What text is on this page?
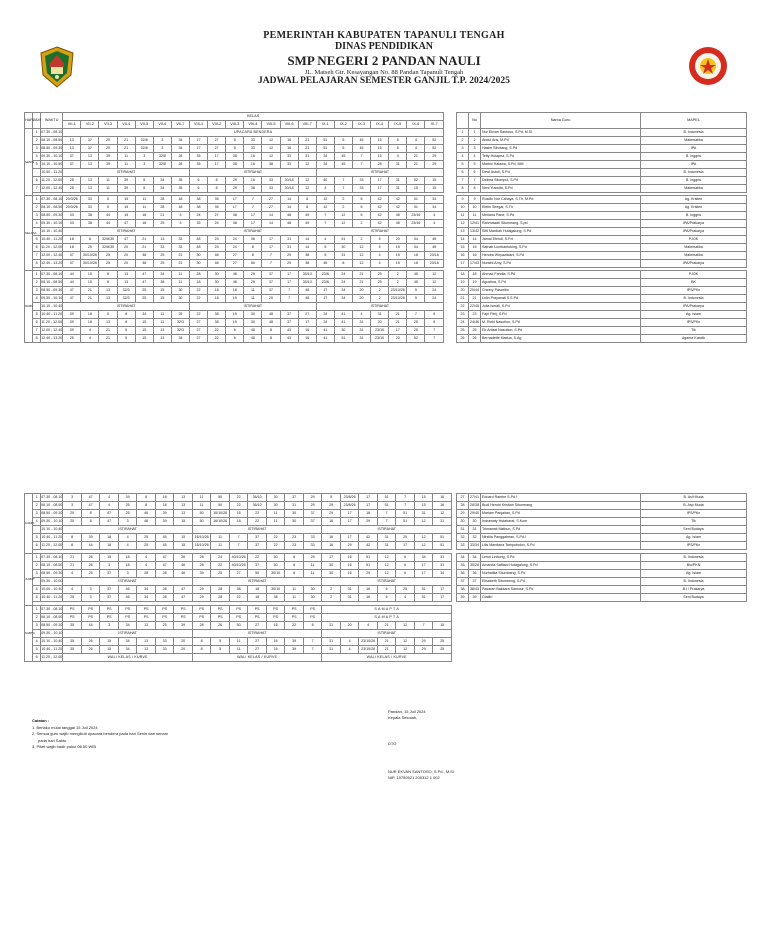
PEMERINTAH KABUPATEN TAPANULI TENGAH
DINAS PENDIDIKAN
SMP NEGERI 2 PANDAN NAULI
JL. Matseh Gtr. Kesayangan No. 88 Pandan Tapanuli Tengah
JADWAL PELAJARAN SEMESTER GANJIL T.P. 2024/2025
HARI	JAM	WAKTU	KELAS																				
			VII-1	VII-2	VII-3	VII-4	VII-5	VII-6	VII-7	VIII-1	VIII-2	VIII-3	VIII-4	VIII-5	VIII-6	VIII-7	IX-1	IX-2	IX-3	IX-4	IX-5	IX-6	IX-7
SENIN	1	07.30 - 08.10	UPACARA BENDERA																				
	2	08.10 - 08.50	13	37	20	21	32/8	3	34	17	27	8	33	12	16	21	51	6	45	15	5	4	52
	3	08.50 - 09.30	13	37	20	21	32/8	3	34	17	27	8	33	12	16	21	51	6	45	15	5	4	52
	4	09.30 - 10.10	37	13	39	11	3	32/8	28	35	17	38	16	12	33	31	34	45	7	15	4	21	29
	5	10.10 - 10.50	37	13	39	11	3	32/8	28	35	17	38	16	38	33	12	34	45	7	28	31	21	29
		10.50 - 11.20	ISTIRAHAT							ISTIRAHAT							ISTIRAHAT						
	6	11.20 - 12.00	28	13	11	39	5	34	35	6	8	29	16	33	30/18	12	40	7	33	17	31	52	15
	7	12.00 - 12.40	28	13	11	39	5	34	35	6	8	29	38	33	30/18	12	4	7	33	17	31	15	15

SELASA	1	07.30 - 08.10	20/3/26	33	5	15	11	28	18	38	35	17	7	27	14	8	12	2	6	42	42	31	34
	2	08.10 - 08.50	20/3/26	33	5	15	11	28	18	38	35	17	7	27	14	8	12	2	6	42	42	31	34
	3	08.50 - 09.30	33	38	44	15	18	21	3	24	27	38	17	14	48	49	7	12	6	42	45	23/16	4
	4	09.30 - 10.10	33	38	44	47	18	25	3	35	24	38	17	14	48	49	7	12	2	42	45	23/16	4
		10.10 - 10.40	ISTIRAHAT							ISTIRAHAT							ISTIRAHAT						
	5	10.40 - 11.20	18	8	32/8/30	47	21	13	33	48	23	24	36	17	31	14	4	51	2	5	20	34	45
	6	11.20 - 12.00	18	25	32/8/30	20	21	33	33	48	23	24	8	17	31	14	5	30	12	5	15	34	45
	7	12.00 - 12.40	37	30/10/26	25	20	38	25	21	30	48	27	8	7	29	38	5	31	12	4	15	16	23/16
	8	12.40 - 13.20	37	30/10/26	25	20	38	25	21	30	48	27	50	7	29	38	45	8	12	4	15	16	23/16

RABU	1	07.30 - 08.10	44	15	8	13	47	34	11	28	30	48	29	37	17	30/10	23/8	24	21	25	2	45	12
	2	08.10 - 08.50	44	15	8	13	47	38	11	18	30	48	29	37	17	30/10	23/8	24	21	25	2	45	12
	3	08.50 - 09.30	47	21	13	32/3	25	15	30	22	18	18	11	37	7	48	17	34	20	2	23/10/26	5	24
	4	09.30 - 10.10	47	21	13	32/3	25	15	30	22	18	15	11	20	7	48	17	34	20	2	23/10/26	5	24
		10.10 - 10.40	ISTIRAHAT							ISTIRAHAT							ISTIRAHAT						
	5	10.40 - 11.20	39	18	5	8	34	11	25	22	38	15	30	48	37	27	24	41	4	31	21	7	6
	6	11.20 - 12.00	39	18	13	8	15	11	32/3	27	38	15	30	48	37	17	24	41	31	20	21	25	6
	7	12.00 - 12.40	39	4	21	5	15	13	32/3	27	22	6	48	8	43	16	41	30	31	23/10	17	25	7
	8	12.40 - 13.20	25	4	21	5	15	13	34	27	22	6	48	8	43	16	41	51	31	23/10	20	52	7
	No	Nama Guru	MAPEL
1	1	Nur Ekvan Santoso, S.Pd, M.Si	B. Indonesia
2	2	Abdul Aris, M.Pd	Matematika
3	3	Hasim Sihotang, S.Pd	IPA
4	4	Tetty Hutapea, S.Pd	B. Inggris
5	5	Martini Halawa, S.Pd, MM	IPA
6	6	Dewi Astuti, S.Pd	B. Indonesia
7	7	Delima Sitompul, S.Pd	B. Inggris
8	8	Neni Yuswita, S.Pd	Matematika

9	9	Rusdin Nur Cahaya, S.Th, M.Pd	Ag. Kristen
10	10	Efelin Siregar, S.Th	Ag. Kristen
11	11	Meriana Pane, S.Pd	B. Inggris
12	12/41	Rahmawati Situmeang, S.pd	IPA/Prakarya
13	13/42	Sitti Mardiah Hutagalung, S.Pd	IPA/Prakarya
14	14	Jamal Efendi, S.Pd	PJOK
15	15	Safriati Lumbantobing, S.Pd	Matematika
16	16	Hendra Wiryawidani, S.Pd	Matematika
17	17/43	Nuraini Amy, S.Pd	IPA/Prakarya

18	18	Ahmad Fahdia, S.Pd	PJOK
19	19	Agustina, S.Pd	BK
20	20/44	Cheery Pasaribu	IPS/PKn
21	21	Lolin Prayanati S.S.Pd	B. Indonesia
22	22/45	Julia Ismail, S.Pd	IPA/Prakarya
23	23	Fajri Fitrij, S.Pd	Ag. Islam
24	24/46	M. Rizki Nasution, S.Pd	IPS/PKn
25	25	Eir Artisel Nasution, S.Pd	Tik
26	26	Bernadette Mattua, S.Ag	Agama Katolik
KAMIS	1	07.30 - 08.10	3	47	4	39	8	18	13	11	50	22	36/10	30	37	29	5	23/8/26	17	51	7	15	16
	2	08.10 - 08.50	3	47	4	25	8	18	13	11	50	22	36/10	30	31	29	29	23/8/26	17	51	7	15	16
	3	08.50 - 09.30	20	8	47	25	46	39	13	50	16/10/26	18	22	11	30	37	29	17	16	7	51	31	12
	4	09.30 - 10.10	20	8	47	3	46	39	15	50	16/10/26	18	22	11	30	37	16	17	29	7	51	12	31
		10.10 - 10.40	ISTIRAHAT							ISTIRAHAT							ISTIRAHAT						
	5	10.40 - 11.20	8	39	18	4	25	45	15	16/10/26	11	7	37	22	23	33	16	17	42	31	25	12	51
	6	11.20 - 12.00	8	44	18	4	25	45	15	16/10/26	11	7	37	22	23	33	16	29	42	31	17	12	51

JUMAT	1	07.30 - 08.10	21	26	15	18	4	47	26	28	24	40/10/26	22	50	8	29	17	16	51	12	6	34	31
	2	08.10 - 08.50	21	26	3	18	4	47	46	28	22	40/10/26	37	50	8	11	30	16	51	12	6	17	31
	3	08.50 - 09.30	4	25	37	3	28	28	46	39	25	27	50	30/10	8	11	30	16	29	12	6	17	34
		09.30 - 10.00	ISTIRAHAT							ISTIRAHAT							ISTIRAHAT						
	4	10.00 - 10.40	4	3	37	46	34	28	47	29	28	38	18	30/10	11	30	2	31	16	6	25	51	17
	5	10.40 - 11.20	25	3	37	46	34	28	47	29	28	22	18	38	11	30	2	31	16	6	4	51	17

SABTU	1	07.30 - 08.10	PS	PS	PS	PS	PS	PS	PS	PS	PS	PS	PS	PS	PS	PS	S A M A P T A						
	2	08.10 - 08.50	PS	PS	PS	PS	PS	PS	PS	PS	PS	PS	PS	PS	PS	PS	S A M A P T A						
	3	08.50 - 09.30	35	44	3	34	13	25	39	28	26	50	27	16	22	8	31	20	4	21	12	7	15
		09.30 - 10.10	ISTIRAHAT							ISTIRAHAT							ISTIRAHAT						
	4	10.10 - 10.40	35	26	15	34	13	33	20	8	5	11	27	16	39	7	31	4	23/10/26	21	12	29	25
	5	10.40 - 11.20	35	26	15	34	13	33	20	8	5	11	27	16	39	7	31	4	23/10/26	21	12	29	25
	6	11.20 - 12.00	WALI KELAS / KURVE							WALI KELAS / KURVE							WALI KELAS / KURVE						
27	27/41	Eduard Rambe S.Pd.I	B. Asli Muda
28	28/38	Budi Hendri Kristian Situmeang	B. Asp Muda
29	29/40	Mariam Panjaitan, S.Pd	IPS/PKn
30	30	Indrawaty Hutabarat, S.Kom	Tik
31	31	Trimawati Matbun, S.Pd	Seni Budaya
32	32	Nirsilia Panggabean, S.Pd.I	Ag. Islam
33	33/34	Lilis Mardiana Tampubolon, S.Pd	IPS/PKn

34	34	Lenni Linbong, S.Pd	B. Indonesia
35	35/26	Amanda Saftiani Hutagalung, S.Pd	Bio/PKN
36	36	Nurhatika Situmbeng, S.Pd	Ag. Islam
37	37	Elisabeth Situmbeng, S.Pd	B. Indonesia
38	38/43	Pasaran Bakkara Samosir, S.Pd	B.I / Prakarya
39	39	Giatitri	Seni Budaya
Catatan :
1. Berlaku mulai tanggal 15 Juli 2024
2. Semua guru wajib mengikuti upacara bendera pada hari Senin dan senam
pada hari Sabtu.
3. Piket wajib hadir pukul 06.50 WIB
Pandan, 15 Juli 2024
Kepala Sekolah,
DTO
NUR EKVAN SANTOSO, S.Pd., M.Si
NIP. 19750521 200312 1 002
